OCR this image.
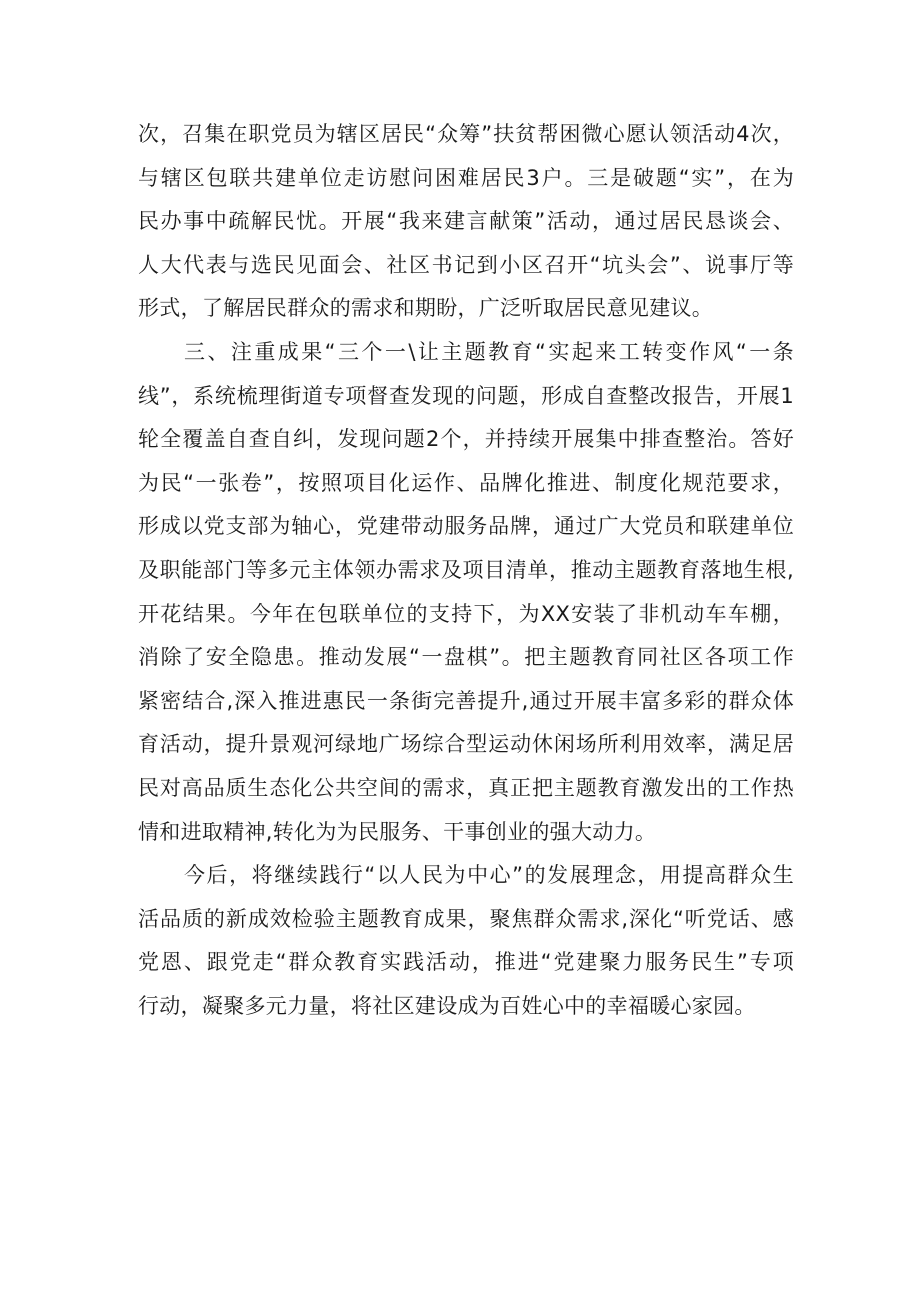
次，召集在职党员为辖区居民“众筹”扶贫帮困微心愿认领活动4次，
与辖区包联共建单位走访慰问困难居民3户。三是破题“实”，在为
民办事中疏解民忧。开展“我来建言献策”活动，通过居民恳谈会、
人大代表与选民见面会、社区书记到小区召开“坑头会”、说事厅等
形式，了解居民群众的需求和期盼，广泛听取居民意见建议。
三、注重成果“三个一\让主题教育“实起来工转变作风“一条
线”，系统梳理街道专项督查发现的问题，形成自查整改报告，开展1
轮全覆盖自查自纠，发现问题2个，并持续开展集中排查整治。答好
为民“一张卷”，按照项目化运作、品牌化推进、制度化规范要求，
形成以党支部为轴心，党建带动服务品牌，通过广大党员和联建单位
及职能部门等多元主体领办需求及项目清单，推动主题教育落地生根,
开花结果。今年在包联单位的支持下，为XX安装了非机动车车棚，
消除了安全隐患。推动发展“一盘棋”。把主题教育同社区各项工作
紧密结合,深入推进惠民一条街完善提升,通过开展丰富多彩的群众体
育活动，提升景观河绿地广场综合型运动休闲场所利用效率，满足居
民对高品质生态化公共空间的需求，真正把主题教育激发出的工作热
情和进取精神,转化为为民服务、干事创业的强大动力。
今后，将继续践行“以人民为中心”的发展理念，用提高群众生
活品质的新成效检验主题教育成果，聚焦群众需求,深化“听党话、感
党恩、跟党走“群众教育实践活动，推进“党建聚力服务民生”专项
行动，凝聚多元力量，将社区建设成为百姓心中的幸福暖心家园。
